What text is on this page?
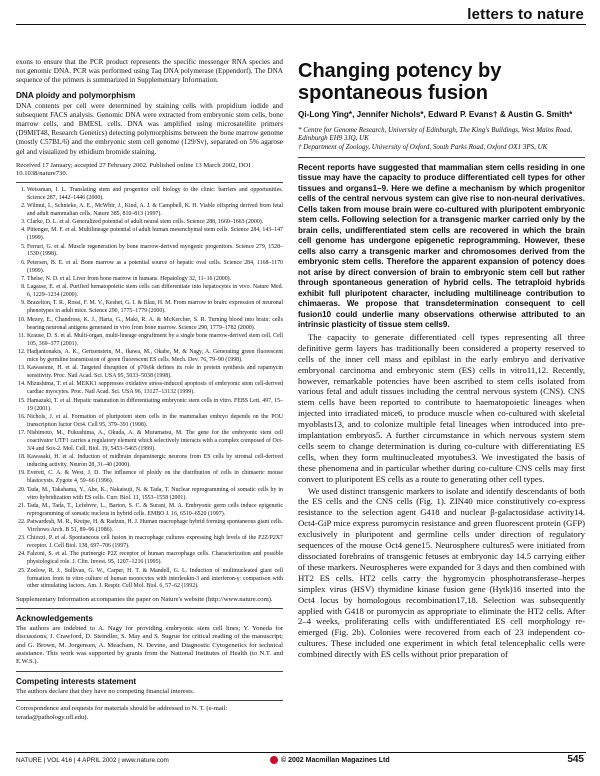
letters to nature

exons to ensure that the PCR product represents the specific messenger RNA species and not genomic DNA. PCR was performed using Taq DNA polymerase (Eppendorf). The DNA sequence of the primers is summarized in Supplementary Information.

DNA ploidy and polymorphism

DNA contents per cell were determined by staining cells with propidium iodide and subsequent FACS analysis. Genomic DNA were extracted from embryonic stem cells, bone marrow cells, and BMESL cells. DNA was amplified using microsatellite primers (D9MIT48, Research Genetics) detecting polymorphisms between the bone marrow genome (mostly C57BL/6) and the embryonic stem cell genome (129/Sv), separated on 5% agarose gel and visualized by ethidium bromide staining.

Received 17 January; accepted 27 February 2002. Published online 13 March 2002, DOI 10.1038/nature730.

1. Weissman, I. L. Translating stem and progenitor cell biology to the clinic: barriers and opportunities. Science 287, 1442–1446 (2000).
2. Wilmut, I., Schnieke, A. E., McWhir, J., Kind, A. J. & Campbell, K. H. Viable offspring derived from fetal and adult mammalian cells. Nature 385, 810–813 (1997).
3. Clarke, D. L. et al. Generalized potential of adult neural stem cells. Science 288, 1660–1663 (2000).
4. Pittenger, M. F. et al. Multilineage potential of adult human mesenchymal stem cells. Science 284, 143–147 (1999).
5. Ferrari, G. et al. Muscle regeneration by bone marrow-derived myogenic progenitors. Science 279, 1528–1530 (1998).
6. Petersen, B. E. et al. Bone marrow as a potential source of hepatic oval cells. Science 284, 1168–1170 (1999).
7. Theise, N. D. et al. Liver from bone marrow in humans. Hepatology 32, 11–16 (2000).
8. Lagasse, E. et al. Purified hematopoietic stem cells can differentiate into hepatocytes in vivo. Nature Med. 6, 1229–1234 (2000).
9. Brazelton, T. R., Rossi, F. M. V., Keshet, G. I. & Blau, H. M. From marrow to brain: expression of neuronal phenotypes in adult mice. Science 290, 1775–1779 (2000).
10. Mezey, E., Chandross, K. J., Harta, G., Maki, R. A. & McKercher, S. R. Turning blood into brain: cells bearing neuronal antigens generated in vivo from bone marrow. Science 290, 1779–1782 (2000).
11. Krause, D. S. et al. Multi-organ, multi-lineage engraftment by a single bone marrow-derived stem cell. Cell 105, 369–377 (2001).
12. Hadjantonakis, A. K., Gertsenstein, M., Ikawa, M., Okabe, M. & Nagy, A. Generating green fluorescent mice by germline transmission of green fluorescent ES cells. Mech. Dev. 76, 79–90 (1998).
13. Kawasome, H. et al. Targeted disruption of p70s6k defines its role in protein synthesis and rapamycin sensitivity. Proc. Natl Acad. Sci. USA 95, 5033–5038 (1998).
14. Mizushima, T. et al. MEKK1 suppresses oxidative stress-induced apoptosis of embryonic stem cell-derived cardiac myocytes. Proc. Natl Acad. Sci. USA 96, 13127–13132 (1999).
15. Hamazaki, T. et al. Hepatic maturation in differentiating embryonic stem cells in vitro. FEBS Lett. 497, 15–19 (2001).
16. Nichols, J. et al. Formation of pluripotent stem cells in the mammalian embryo depends on the POU transcription factor Oct4. Cell 95, 379–391 (1998).
17. Nishimoto, M., Fukushima, A., Okuda, A. & Muramatsu, M. The gene for the embryonic stem cell coactivator UTF1 carries a regulatory element which selectively interacts with a complex composed of Oct-3/4 and Sox-2. Mol. Cell. Biol. 19, 5453–5465 (1999).
18. Kawasaki, H. et al. Induction of midbrain dopaminergic neurons from ES cells by stromal cell-derived inducing activity. Neuron 28, 31–40 (2000).
19. Everett, C. A. & West, J. D. The influence of ploidy on the distribution of cells in chimaeric mouse blastocysts. Zygote 4, 59–66 (1996).
20. Tada, M., Takahama, Y., Abe, K., Nakatsuji, N. & Tada, T. Nuclear reprogramming of somatic cells by in vitro hybridization with ES cells. Curr. Biol. 11, 1553–1558 (2001).
21. Tada, M., Tada, T., Lefebvre, L., Barton, S. C. & Surani, M. A. Embryonic germ cells induce epigenetic reprogramming of somatic nucleus in hybrid cells. EMBO J. 16, 6510–6520 (1997).
22. Patwardesh, M. R., Kreipe, H. & Radzun, H. J. Human macrophage hybrid forming spontaneous giant cells. Virchows Arch. B 51, 89–96 (1986).
23. Chiozzi, P. et al. Spontaneous cell fusion in macrophage cultures expressing high levels of the P2Z/P2X7 receptor. J. Cell Biol. 138, 697–706 (1997).
24. Falzoni, S. et al. The purinergic P2Z receptor of human macrophage cells. Characterization and possible physiological role. J. Clin. Invest. 95, 1207–1216 (1995).
25. Zoelow, R. J., Sullivan, G. W., Carper, H. T. & Mandell, G. L. Induction of multinucleated giant cell formation from in vitro culture of human monocytes with interleukin-3 and interferon-γ: comparison with other stimulating factors. Am. J. Respir. Cell Mol. Biol. 6, 57–62 (1992).

Supplementary Information accompanies the paper on Nature's website (http://www.nature.com).

Acknowledgements

The authors are indebted to A. Nagy for providing embryonic stem cell lines; Y. Yoneda for discussions; J. Crawford, D. Steindler, S. May and S. Sugrue for critical reading of the manuscript; and G. Brown, M. Jorgensen, A. Meacham, N. Devine, and Diagnostic Cytogenetics for technical assistance. This work was supported by grants from the National Institutes of Health (to N.T. and E.W.S.).

Competing interests statement

The authors declare that they have no competing financial interests.

Correspondence and requests for materials should be addressed to N. T. (e-mail: terada@pathology.ufl.edu).

Changing potency by spontaneous fusion
Qi-Long Ying*, Jennifer Nichols*, Edward P. Evans† & Austin G. Smith*
* Centre for Genome Research, University of Edinburgh, The King's Buildings, West Mains Road, Edinburgh EH9 3JQ, UK
† Department of Zoology, University of Oxford, South Parks Road, Oxford OX1 3PS, UK

Recent reports have suggested that mammalian stem cells residing in one tissue may have the capacity to produce differentiated cell types for other tissues and organs1–9. Here we define a mechanism by which progenitor cells of the central nervous system can give rise to non-neural derivatives. Cells taken from mouse brain were co-cultured with pluripotent embryonic stem cells. Following selection for a transgenic marker carried only by the brain cells, undifferentiated stem cells are recovered in which the brain cell genome has undergone epigenetic reprogramming. However, these cells also carry a transgenic marker and chromosomes derived from the embryonic stem cells. Therefore the apparent expansion of potency does not arise by direct conversion of brain to embryonic stem cell but rather through spontaneous generation of hybrid cells. The tetraploid hybrids exhibit full pluripotent character, including multilineage contribution to chimaeras. We propose that transdetermination consequent to cell fusion10 could underlie many observations otherwise attributed to an intrinsic plasticity of tissue stem cells9.

The capacity to generate differentiated cell types representing all three definitive germ layers has traditionally been considered a property reserved to cells of the inner cell mass and epiblast in the early embryo and derivative embryonal carcinoma and embryonic stem (ES) cells in vitro11,12. Recently, however, remarkable potencies have been ascribed to stem cells isolated from various fetal and adult tissues including the central nervous system (CNS). CNS stem cells have been reported to contribute to haematopoietic lineages when injected into irradiated mice6, to produce muscle when co-cultured with skeletal myoblasts13, and to colonize multiple fetal lineages when introduced into pre-implantation embryos5. A further circumstance in which nervous system stem cells seem to change determination is during co-culture with differentiating ES cells, when they form multinucleated myotubes3. We investigated the basis of these phenomena and in particular whether during co-culture CNS cells may first convert to pluripotent ES cells as a route to generating other cell types.

We used distinct transgenic markers to isolate and identify descendants of both the ES cells and the CNS cells (Fig. 1). ZIN40 mice constitutively co-express resistance to the selection agent G418 and nuclear β-galactosidase activity14. Oct4-GiP mice express puromycin resistance and green fluorescent protein (GFP) exclusively in pluripotent and germline cells under direction of regulatory sequences of the mouse Oct4 gene15. Neurosphere cultures5 were initiated from dissociated forebrains of transgenic fetuses at embryonic day 14.5 carrying either of these markers. Neurospheres were expanded for 3 days and then combined with HT2 ES cells. HT2 cells carry the hygromycin phosphotransferase–herpes simplex virus (HSV) thymidine kinase fusion gene (Hytk)16 inserted into the Oct4 locus by homologous recombination17,18. Selection was subsequently applied with G418 or puromycin as appropriate to eliminate the HT2 cells. After 2–4 weeks, proliferating cells with undifferentiated ES cell morphology re-emerged (Fig. 2b). Colonies were recovered from each of 23 independent co-cultures. These included one experiment in which fetal telencephalic cells were combined directly with ES cells without prior preparation of

NATURE | VOL 416 | 4 APRIL 2002 | www.nature.com	© 2002 Macmillan Magazines Ltd	545
